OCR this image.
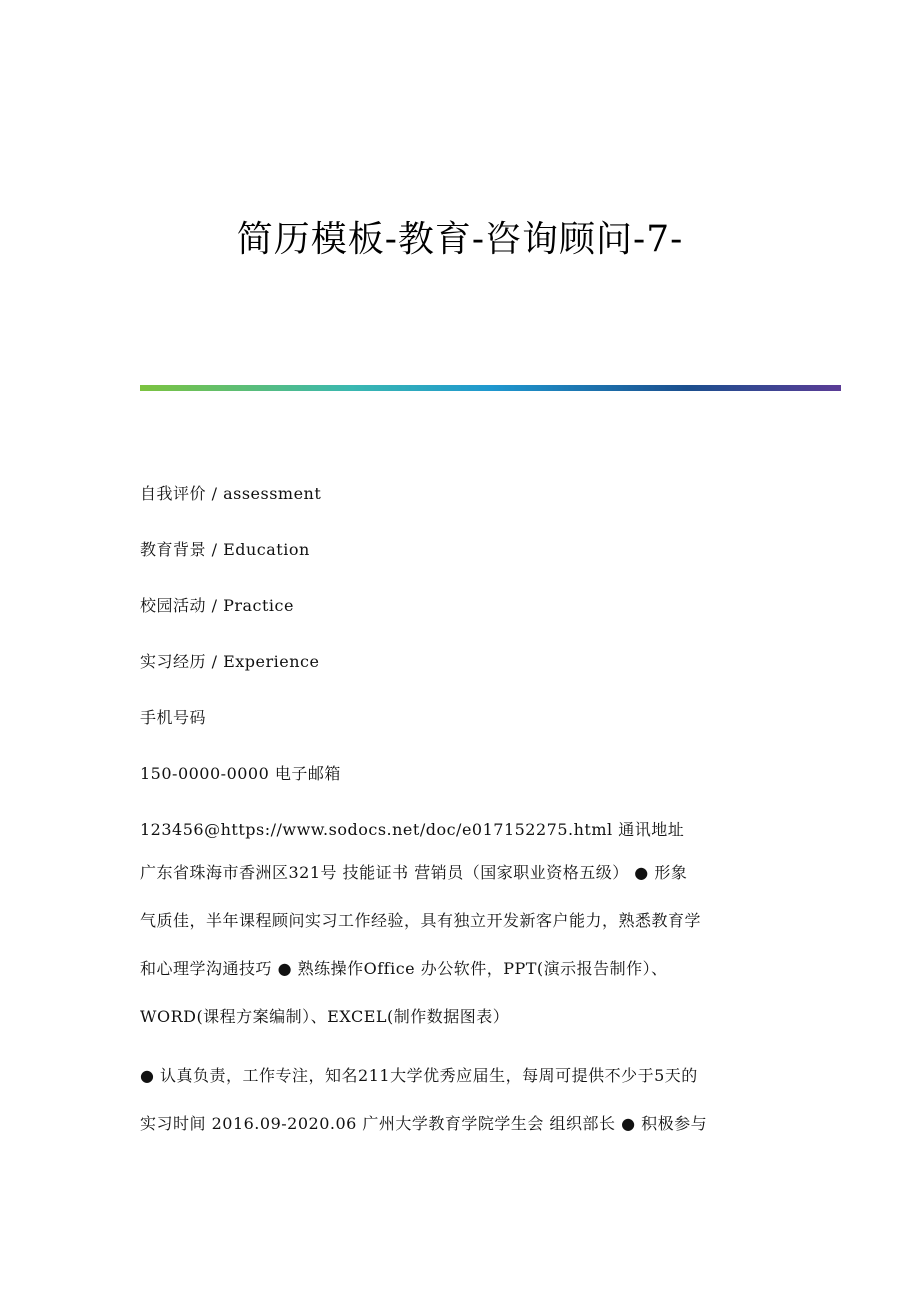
简历模板-教育-咨询顾问-7-
自我评价 / assessment
教育背景 / Education
校园活动 / Practice
实习经历 / Experience
手机号码
150-0000-0000 电子邮箱
123456@https://www.sodocs.net/doc/e017152275.html 通讯地址
广东省珠海市香洲区321号 技能证书 营销员（国家职业资格五级） ● 形象
气质佳，半年课程顾问实习工作经验，具有独立开发新客户能力，熟悉教育学
和心理学沟通技巧 ● 熟练操作Office 办公软件，PPT(演示报告制作）、
WORD(课程方案编制）、EXCEL(制作数据图表）
● 认真负责，工作专注，知名211大学优秀应届生，每周可提供不少于5天的
实习时间 2016.09-2020.06 广州大学教育学院学生会 组织部长 ● 积极参与
